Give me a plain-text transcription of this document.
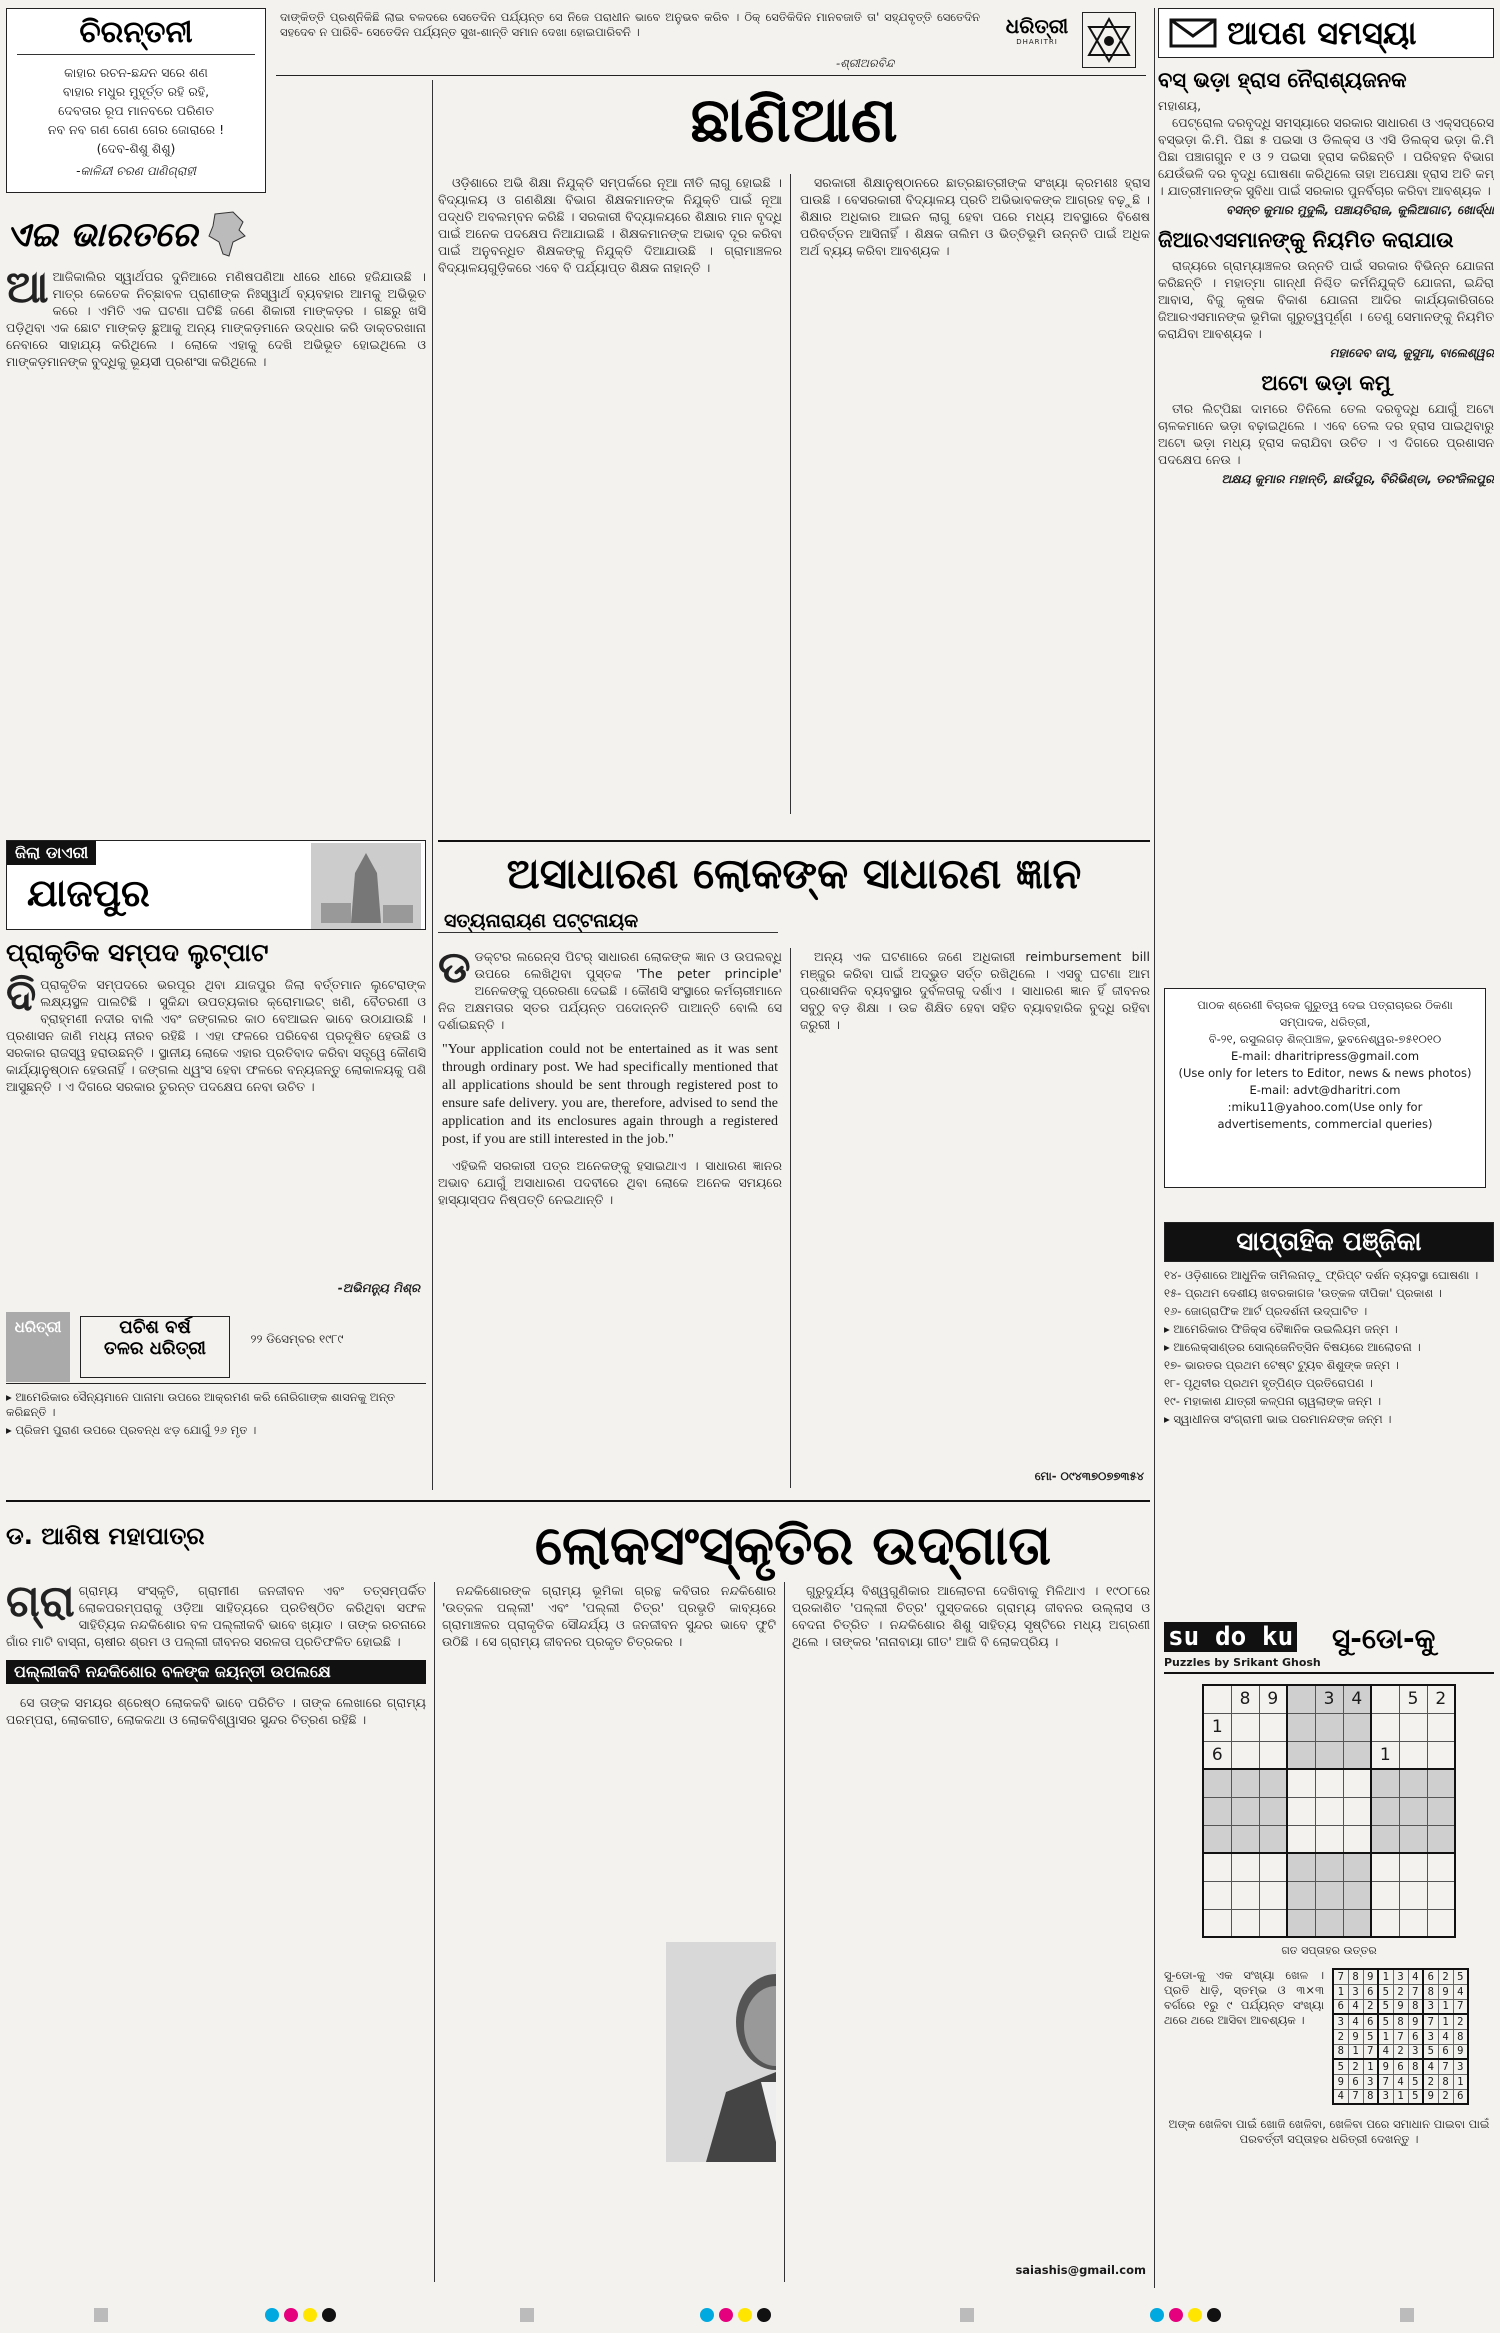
ଚିରନ୍ତନୀ
କାହାର ରଚନ-ଛନ୍ଦନ ସରେ ଶଣ
ବାହାର ମଧୁର ମୁହୂର୍ତ୍ତ ରହି ରହି,
ଦେବତାର ରୂପ ମାନବରେ ପରିଣତ
ନବ ନବ ଗଣ ଗେଣ ଗେର ଜୋରାରେ !
(ଦେବ-ଶିଶୁ ଶିଶୁ)
-କାଳିନ୍ଦୀ ଚରଣ ପାଣିଗ୍ରାହୀ
ଦାଙ୍କିତ୍ତି ପ୍ରଶ୍ନିକିଛି ଲାଇ ବଳଦରେ ସେତେଦିନ ପର୍ଯ୍ୟନ୍ତ ସେ ନିଜେ ପରାଧୀନ ଭାବେ ଅନୁଭବ କରିବ । ଠିକ୍ ସେତିକିଦିନ ମାନବଜାତି ତା' ସହ୍ଯବୃତ୍ତି ସେତେଦିନ ସହଦେବ ନ ପାରିବି- ସେତେଦିନ ପର୍ଯ୍ୟନ୍ତ ସୁଖ-ଶାନ୍ତି ସମାନ ଦେଖା ହୋଇପାରିବନି ।
-ଶ୍ରୀଅରବିନ୍ଦ
ଧରିତ୍ରୀ
DHARITRI	ଆପଣ ସମସ୍ୟା
ବସ୍ ଭଡ଼ା ହ୍ରାସ ନୈରାଶ୍ୟଜନକ
ମହାଶୟ,
ପେଟ୍ରୋଲ ଦରବୃଦ୍ଧି ସମସ୍ୟାରେ ସରକାର ସାଧାରଣ ଓ ଏକ୍ସପ୍ରେସ ବସ୍‌ଭଡ଼ା କି.ମି. ପିଛା ୫ ପଇସା ଓ ଡିଲକ୍ସ ଓ ଏସି ଡିଲକ୍ସ ଭଡ଼ା କି.ମି ପିଛା ପଞ୍ଚାଗଗୁନ ୧ ଓ ୨ ପଇସା ହ୍ରାସ କରିଛନ୍ତି । ପରିବହନ ବିଭାଗ ଯେଉଁଭଳି ଦର ବୃଦ୍ଧି ଘୋଷଣା କରିଥିଲେ ତାହା ଅପେକ୍ଷା ହ୍ରାସ ଅତି କମ୍ । ଯାତ୍ରୀମାନଙ୍କ ସୁବିଧା ପାଇଁ ସରକାର ପୁନର୍ବିଚାର କରିବା ଆବଶ୍ୟକ ।
ବସନ୍ତ କୁମାର ମୁଦୁଲି, ପଞ୍ଚାୟତିରାଜ, କୁଲିଆଗାଟ, ଖୋର୍ଦ୍ଧା
ଜିଆରଏସମାନଙ୍କୁ ନିୟମିତ କରାଯାଉ
ରାଜ୍ୟରେ ଗ୍ରାମ୍ୟାଞ୍ଚଳର ଉନ୍ନତି ପାଇଁ ସରକାର ବିଭିନ୍ନ ଯୋଜନା କରିଛନ୍ତି । ମହାତ୍ମା ଗାନ୍ଧୀ ନିଶ୍ଚିତ କର୍ମନିଯୁକ୍ତି ଯୋଜନା, ଇନ୍ଦିରା ଆବାସ, ବିଜୁ କୃଷକ ବିକାଶ ଯୋଜନା ଆଦିର କାର୍ଯ୍ୟକାରିତାରେ ଜିଆରଏସମାନଙ୍କ ଭୂମିକା ଗୁରୁତ୍ୱପୂର୍ଣ୍ଣ । ତେଣୁ ସେମାନଙ୍କୁ ନିୟମିତ କରାଯିବା ଆବଶ୍ୟକ ।
ମହାଦେବ ଦାସ, କୁସୁମା, ବାଲେଶ୍ୱର
ଅଟୋ ଭଡ଼ା କମୁ
ତୀର ଲିଟ୍‌ପିଛା ଦାମରେ ତିନିଲେ ତେଲ ଦରବୃଦ୍ଧି ଯୋଗୁଁ ଅଟୋ ଚାଳକମାନେ ଭଡ଼ା ବଢ଼ାଇଥିଲେ । ଏବେ ତେଲ ଦର ହ୍ରାସ ପାଇଥିବାରୁ ଅଟୋ ଭଡ଼ା ମଧ୍ୟ ହ୍ରାସ କରାଯିବା ଉଚିତ । ଏ ଦିଗରେ ପ୍ରଶାସନ ପଦକ୍ଷେପ ନେଉ ।
ଅକ୍ଷୟ କୁମାର ମହାନ୍ତି, ଛାଉଁପୁର, ବିରିଭିଣ୍ଡା, ଡରଂଜିଲପୁର
ପାଠକ ଶ୍ରେଣୀ ବିଚାରକ ଗୁରୁତ୍ୱ ଦେଇ ପତ୍ରାଚାରର ଠିକଣା
ସମ୍ପାଦକ, ଧରିତ୍ରୀ,
ବି-୨୧, ରସୁଲଗଡ଼ ଶିଳ୍ପାଞ୍ଚଳ, ଭୁବନେଶ୍ୱର-୭୫୧୦୧୦
E-mail: dharitripress@gmail.com
(Use only for leters to Editor, news & news photos)
E-mail: advt@dharitri.com
:miku11@yahoo.com(Use only for
advertisements, commercial queries)
ସାପ୍ତାହିକ ପଞ୍ଜିକା
୧୪- ଓଡ଼ିଶାରେ ଆଧୁନିକ ତାମିଲନାଡ଼ୁ ଫ୍ରିପ୍ଟ ଦର୍ଶନ ବ୍ୟବସ୍ଥା ଘୋଷଣା ।
୧୫- ପ୍ରଥମ ଦେଶୀୟ ଖବରକାଗଜ 'ଉତ୍କଳ ଦୀପିକା' ପ୍ରକାଶ ।
୧୬- ଜୋଗ୍ରାଫିକ ଆର୍ଟ ପ୍ରଦର୍ଶନୀ ଉଦ୍‌ଘାଟିତ ।
▸ ଆମେରିକାର ଫିଜିକ୍ସ ବୈଜ୍ଞାନିକ ଉଇଲିୟମ ଜନ୍ମ ।
▸ ଆଲେକ୍‌ସାଣ୍ଡର ସୋଲ୍‌ଜେନିତ୍‌ସିନ ବିଷୟରେ ଆଲୋଚନା ।
୧୭- ଭାରତର ପ୍ରଥମ ଟେଷ୍ଟ ଟ୍ୟୁବ ଶିଶୁଙ୍କ ଜନ୍ମ ।
୧୮- ପୃଥିବୀର ପ୍ରଥମ ହୃତ୍‌ପିଣ୍ଡ ପ୍ରତିରୋପଣ ।
୧୯- ମହାକାଶ ଯାତ୍ରୀ କଳ୍ପନା ଚାୱଲାଙ୍କ ଜନ୍ମ ।
▸ ସ୍ୱାଧୀନତା ସଂଗ୍ରାମୀ ଭାଇ ପରମାନନ୍ଦଙ୍କ ଜନ୍ମ ।
su do ku ସୁ-ଡୋ-କୁ
Puzzles by Srikant Ghosh
	8	9		3	4		5	2
1								
6						1		

ଗତ ସପ୍ତାହର ଉତ୍ତର
ସୁ-ଡୋ-କୁ ଏକ ସଂଖ୍ୟା ଖେଳ । ପ୍ରତି ଧାଡ଼ି, ସ୍ତମ୍ଭ ଓ ୩×୩ ବର୍ଗରେ ୧ରୁ ୯ ପର୍ଯ୍ୟନ୍ତ ସଂଖ୍ୟା ଥରେ ଥରେ ଆସିବା ଆବଶ୍ୟକ ।
7	8	9	1	3	4	6	2	5
1	3	6	5	2	7	8	9	4
6	4	2	5	9	8	3	1	7
3	4	6	5	8	9	7	1	2
2	9	5	1	7	6	3	4	8
8	1	7	4	2	3	5	6	9
5	2	1	9	6	8	4	7	3
9	6	3	7	4	5	2	8	1
4	7	8	3	1	5	9	2	6
ଅଙ୍କ ଖେଳିବା ପାଇଁ ଖୋଜି ଖେଳିବା, ଖେଳିବା ପରେ ସମାଧାନ ପାଇବା ପାଇଁ ପରବର୍ତ୍ତୀ ସପ୍ତାହର ଧରିତ୍ରୀ ଦେଖନ୍ତୁ ।
ଛାଣିଆଣ
ଓଡ଼ିଶାରେ ଅଭି ଶିକ୍ଷା ନିଯୁକ୍ତି ସମ୍ପର୍କରେ ନୂଆ ନୀତି ଲାଗୁ ହୋଇଛି । ବିଦ୍ୟାଳୟ ଓ ଗଣଶିକ୍ଷା ବିଭାଗ ଶିକ୍ଷକମାନଙ୍କ ନିଯୁକ୍ତି ପାଇଁ ନୂଆ ପଦ୍ଧତି ଅବଲମ୍ବନ କରିଛି । ସରକାରୀ ବିଦ୍ୟାଳୟରେ ଶିକ୍ଷାର ମାନ ବୃଦ୍ଧି ପାଇଁ ଅନେକ ପଦକ୍ଷେପ ନିଆଯାଇଛି । ଶିକ୍ଷକମାନଙ୍କ ଅଭାବ ଦୂର କରିବା ପାଇଁ ଅନୁବନ୍ଧିତ ଶିକ୍ଷକଙ୍କୁ ନିଯୁକ୍ତି ଦିଆଯାଉଛି । ଗ୍ରାମାଞ୍ଚଳର ବିଦ୍ୟାଳୟଗୁଡ଼ିକରେ ଏବେ ବି ପର୍ଯ୍ୟାପ୍ତ ଶିକ୍ଷକ ନାହାନ୍ତି ।
ସରକାରୀ ଶିକ୍ଷାନୁଷ୍ଠାନରେ ଛାତ୍ରଛାତ୍ରୀଙ୍କ ସଂଖ୍ୟା କ୍ରମଶଃ ହ୍ରାସ ପାଉଛି । ବେସରକାରୀ ବିଦ୍ୟାଳୟ ପ୍ରତି ଅଭିଭାବକଙ୍କ ଆଗ୍ରହ ବଢ଼ୁଛି । ଶିକ୍ଷାର ଅଧିକାର ଆଇନ ଲାଗୁ ହେବା ପରେ ମଧ୍ୟ ଅବସ୍ଥାରେ ବିଶେଷ ପରିବର୍ତ୍ତନ ଆସିନାହିଁ । ଶିକ୍ଷକ ତାଲିମ ଓ ଭିତ୍ତିଭୂମି ଉନ୍ନତି ପାଇଁ ଅଧିକ ଅର୍ଥ ବ୍ୟୟ କରିବା ଆବଶ୍ୟକ ।
ଏଇ ଭାରତରେ
ଆଆଜିକାଲିର ସ୍ୱାର୍ଥପର ଦୁନିଆରେ ମଣିଷପଣିଆ ଧୀରେ ଧୀରେ ହଜିଯାଉଛି । ମାତ୍ର କେତେକ ନିଚ୍ଛାବଳ ପ୍ରାଣୀଙ୍କ ନିଃସ୍ୱାର୍ଥ ବ୍ୟବହାର ଆମକୁ ଅଭିଭୂତ କରେ । ଏମିତି ଏକ ଘଟଣା ଘଟିଛି ଜଣେ ଶିକାରୀ ମାଙ୍କଡ଼ର । ଗଛରୁ ଖସି ପଡ଼ିଥିବା ଏକ ଛୋଟ ମାଙ୍କଡ଼ ଛୁଆକୁ ଅନ୍ୟ ମାଙ୍କଡ଼ମାନେ ଉଦ୍ଧାର କରି ଡାକ୍ତରଖାନା ନେବାରେ ସାହାଯ୍ୟ କରିଥିଲେ । ଲୋକେ ଏହାକୁ ଦେଖି ଅଭିଭୂତ ହୋଇଥିଲେ ଓ ମାଙ୍କଡ଼ମାନଙ୍କ ବୁଦ୍ଧିକୁ ଭୂୟସୀ ପ୍ରଶଂସା କରିଥିଲେ ।
ଜିଲା ଡାଏରୀ
ଯାଜପୁର
ପ୍ରାକୃତିକ ସମ୍ପଦ ଲୁଟ୍‌ପାଟ
ଦିପ୍ରାକୃତିକ ସମ୍ପଦରେ ଭରପୂର ଥିବା ଯାଜପୁର ଜିଲା ବର୍ତ୍ତମାନ ଲୁଟେରାଙ୍କ ଲକ୍ଷ୍ୟସ୍ଥଳ ପାଲଟିଛି । ସୁକିନ୍ଦା ଉପତ୍ୟକାର କ୍ରୋମାଇଟ୍ ଖଣି, ବୈତରଣୀ ଓ ବ୍ରାହ୍ମଣୀ ନଦୀର ବାଲି ଏବଂ ଜଙ୍ଗଲର କାଠ ବେଆଇନ ଭାବେ ଉଠାଯାଉଛି । ପ୍ରଶାସନ ଜାଣି ମଧ୍ୟ ନୀରବ ରହିଛି । ଏହା ଫଳରେ ପରିବେଶ ପ୍ରଦୂଷିତ ହେଉଛି ଓ ସରକାର ରାଜସ୍ୱ ହରାଉଛନ୍ତି । ସ୍ଥାନୀୟ ଲୋକେ ଏହାର ପ୍ରତିବାଦ କରିବା ସତ୍ତ୍ୱେ କୌଣସି କାର୍ଯ୍ୟାନୁଷ୍ଠାନ ହେଉନାହିଁ । ଜଙ୍ଗଲ ଧ୍ୱଂସ ହେବା ଫଳରେ ବନ୍ୟଜନ୍ତୁ ଲୋକାଳୟକୁ ପଶି ଆସୁଛନ୍ତି । ଏ ଦିଗରେ ସରକାର ତୁରନ୍ତ ପଦକ୍ଷେପ ନେବା ଉଚିତ ।
-ଅଭିମନ୍ୟୁ ମିଶ୍ର
ଧରିତ୍ରୀ	ପଚିଶ ବର୍ଷ
ତଳର ଧରିତ୍ରୀ	୨୨ ଡିସେମ୍ବର ୧୯୮୯
▸ ଆମେରିକାର ସୈନ୍ୟମାନେ ପାନାମା ଉପରେ ଆକ୍ରମଣ କରି ନୋରିଗାଙ୍କ ଶାସନକୁ ଅନ୍ତ କରିଛନ୍ତି ।
▸ ପ୍ରିଜମ ପୁରାଣ ଉପରେ ପ୍ରବନ୍ଧ ଝଡ଼ ଯୋଗୁଁ ୨୬ ମୃତ ।
ଅସାଧାରଣ ଲୋକଙ୍କ ସାଧାରଣ ଜ୍ଞାନ
ସତ୍ୟନାରାୟଣ ପଟ୍ଟନାୟକ
ଡଡକ୍ଟର ଲରେନ୍ସ ପିଟର୍ ସାଧାରଣ ଲୋକଙ୍କ ଜ୍ଞାନ ଓ ଉପଲବ୍ଧି ଉପରେ ଲେଖିଥିବା ପୁସ୍ତକ 'The peter principle' ଅନେକଙ୍କୁ ପ୍ରେରଣା ଦେଇଛି । କୌଣସି ସଂସ୍ଥାରେ କର୍ମଚାରୀମାନେ ନିଜ ଅକ୍ଷମତାର ସ୍ତର ପର୍ଯ୍ୟନ୍ତ ପଦୋନ୍ନତି ପାଆନ୍ତି ବୋଲି ସେ ଦର୍ଶାଇଛନ୍ତି ।
"Your application could not be entertained as it was sent through ordinary post. We had specifically mentioned that all applications should be sent through registered post to ensure safe delivery. you are, therefore, advised to send the application and its enclosures again through a registered post, if you are still interested in the job."
ଏହିଭଳି ସରକାରୀ ପତ୍ର ଅନେକଙ୍କୁ ହସାଇଥାଏ । ସାଧାରଣ ଜ୍ଞାନର ଅଭାବ ଯୋଗୁଁ ଅସାଧାରଣ ପଦବୀରେ ଥିବା ଲୋକେ ଅନେକ ସମୟରେ ହାସ୍ୟାସ୍ପଦ ନିଷ୍ପତ୍ତି ନେଇଥାନ୍ତି ।
ଅନ୍ୟ ଏକ ଘଟଣାରେ ଜଣେ ଅଧିକାରୀ reimbursement bill ମଞ୍ଜୁର କରିବା ପାଇଁ ଅଦ୍ଭୁତ ସର୍ତ୍ତ ରଖିଥିଲେ । ଏସବୁ ଘଟଣା ଆମ ପ୍ରଶାସନିକ ବ୍ୟବସ୍ଥାର ଦୁର୍ବଳତାକୁ ଦର୍ଶାଏ । ସାଧାରଣ ଜ୍ଞାନ ହିଁ ଜୀବନର ସବୁଠୁ ବଡ଼ ଶିକ୍ଷା । ଉଚ୍ଚ ଶିକ୍ଷିତ ହେବା ସହିତ ବ୍ୟାବହାରିକ ବୁଦ୍ଧି ରହିବା ଜରୁରୀ ।
ମୋ- ୦୯୪୩୭୦୭୭୩୫୪
ଡ. ଆଶିଷ ମହାପାତ୍ର	ଲୋକସଂସ୍କୃତିର ଉଦ୍‌ଗାତା
ଗ୍ରା ଗ୍ରାମ୍ୟ ସଂସ୍କୃତି, ଗ୍ରାମୀଣ ଜନଜୀବନ ଏବଂ ତତ୍‌ସମ୍ପର୍କିତ ଲୋକପରମ୍ପରାକୁ ଓଡ଼ିଆ ସାହିତ୍ୟରେ ପ୍ରତିଷ୍ଠିତ କରିଥିବା ସଫଳ ସାହିତ୍ୟିକ ନନ୍ଦକିଶୋର ବଳ ପଲ୍ଲୀକବି ଭାବେ ଖ୍ୟାତ । ତାଙ୍କ ରଚନାରେ ଗାଁର ମାଟି ବାସ୍ନା, ଚାଷୀର ଶ୍ରମ ଓ ପଲ୍ଲୀ ଜୀବନର ସରଳତା ପ୍ରତିଫଳିତ ହୋଇଛି ।
ପଲ୍ଲୀକବି ନନ୍ଦକିଶୋର ବଳଙ୍କ ଜୟନ୍ତୀ ଉପଲକ୍ଷେ
ସେ ତାଙ୍କ ସମୟର ଶ୍ରେଷ୍ଠ ଲୋକକବି ଭାବେ ପରିଚିତ । ତାଙ୍କ ଲେଖାରେ ଗ୍ରାମ୍ୟ ପରମ୍ପରା, ଲୋକଗୀତ, ଲୋକକଥା ଓ ଲୋକବିଶ୍ୱାସର ସୁନ୍ଦର ଚିତ୍ରଣ ରହିଛି ।
ନନ୍ଦକିଶୋରଙ୍କ ଗ୍ରାମ୍ୟ ଭୂମିକା ଗ୍ରନ୍ଥ କବିତାର ନନ୍ଦକିଶୋର 'ଉତ୍କଳ ପଲ୍ଲୀ' ଏବଂ 'ପଲ୍ଲୀ ଚିତ୍ର' ପ୍ରଭୃତି କାବ୍ୟରେ ଗ୍ରାମାଞ୍ଚଳର ପ୍ରାକୃତିକ ସୌନ୍ଦର୍ଯ୍ୟ ଓ ଜନଜୀବନ ସୁନ୍ଦର ଭାବେ ଫୁଟି ଉଠିଛି । ସେ ଗ୍ରାମ୍ୟ ଜୀବନର ପ୍ରକୃତ ଚିତ୍ରକର ।
ଗୁରୁଦୁର୍ଯ୍ୟ ବିଶ୍ୱଗୁଣିକାର ଆଲୋଚନା ଦେଖିବାକୁ ମିଳିଥାଏ । ୧୯୦୮ରେ ପ୍ରକାଶିତ 'ପଲ୍ଲୀ ଚିତ୍ର' ପୁସ୍ତକରେ ଗ୍ରାମ୍ୟ ଜୀବନର ଉଲ୍ଲାସ ଓ ବେଦନା ଚିତ୍ରିତ । ନନ୍ଦକିଶୋର ଶିଶୁ ସାହିତ୍ୟ ସୃଷ୍ଟିରେ ମଧ୍ୟ ଅଗ୍ରଣୀ ଥିଲେ । ତାଙ୍କର 'ନାନାବାୟା ଗୀତ' ଆଜି ବି ଲୋକପ୍ରିୟ ।
saiashis@gmail.com
